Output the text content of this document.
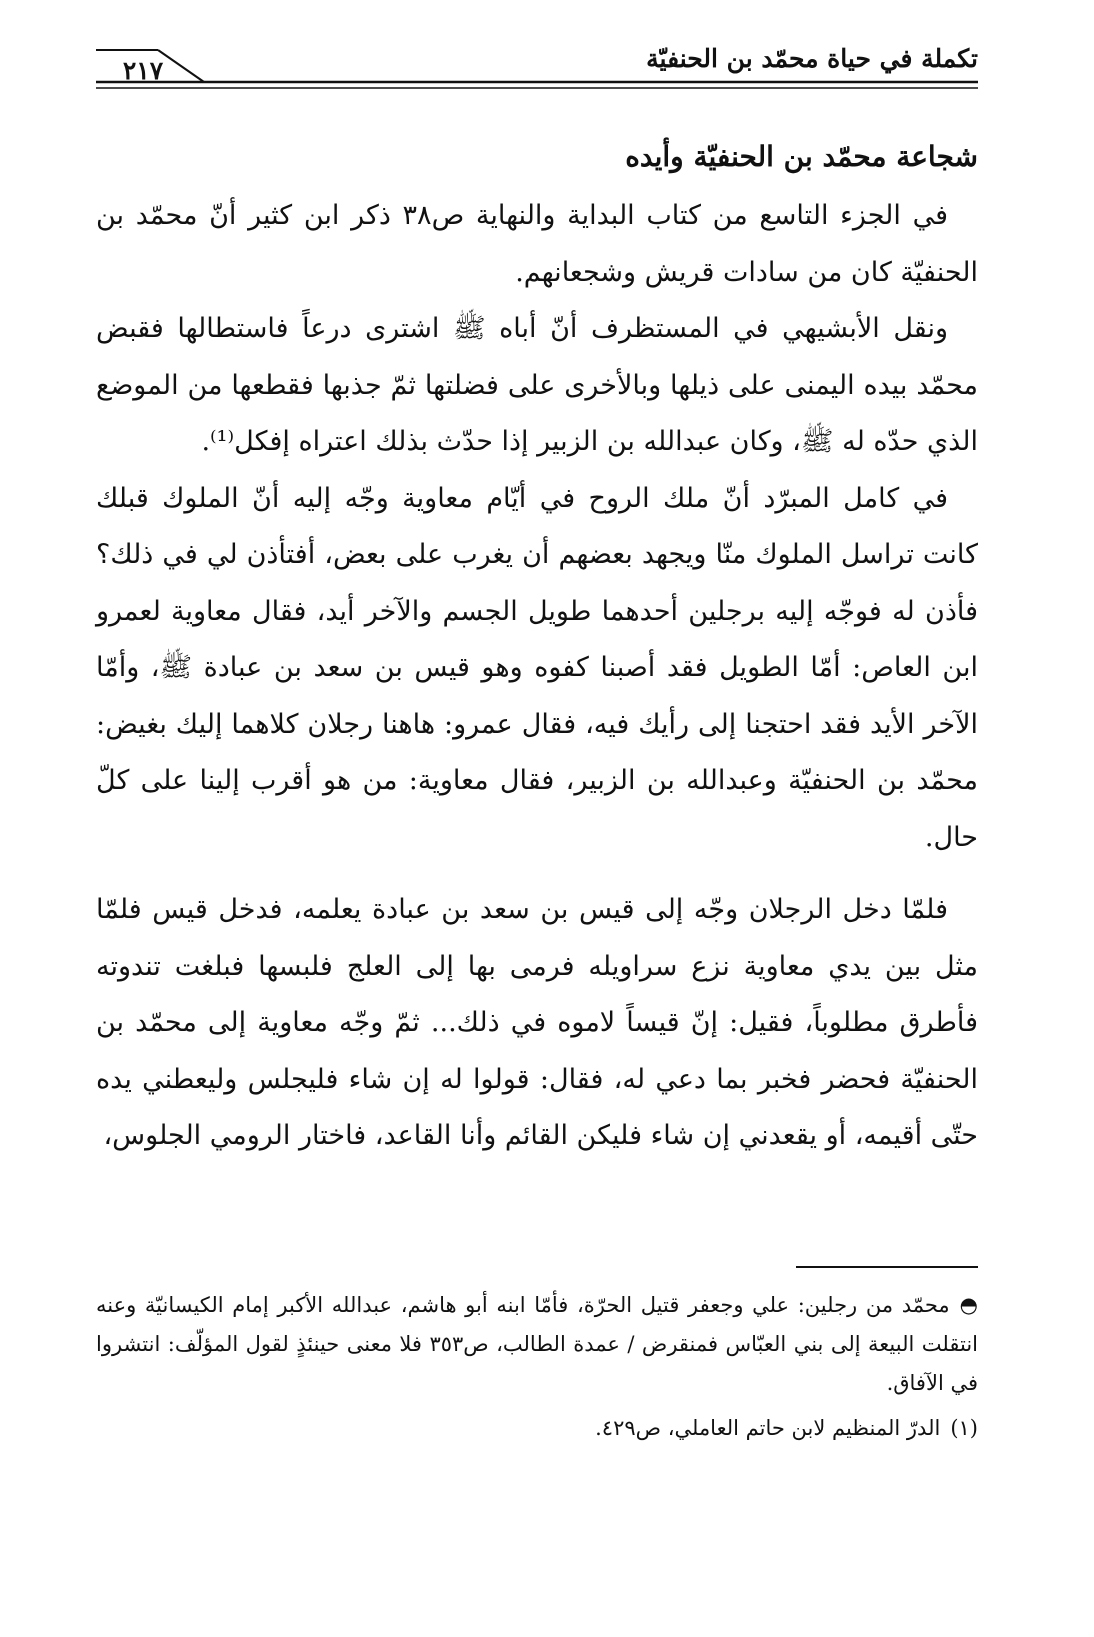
٢١٧	تكملة في حياة محمّد بن الحنفيّة
شجاعة محمّد بن الحنفيّة وأيده

في الجزء التاسع من كتاب البداية والنهاية ص٣٨ ذكر ابن كثير أنّ محمّد بن الحنفيّة كان من سادات قريش وشجعانهم.

ونقل الأبشيهي في المستظرف أنّ أباه ﷺ اشترى درعاً فاستطالها فقبض محمّد بيده اليمنى على ذيلها وبالأخرى على فضلتها ثمّ جذبها فقطعها من الموضع الذي حدّه له ﷺ، وكان عبدالله بن الزبير إذا حدّث بذلك اعتراه إفكل⁽¹⁾.

في كامل المبرّد أنّ ملك الروح في أيّام معاوية وجّه إليه أنّ الملوك قبلك كانت تراسل الملوك منّا ويجهد بعضهم أن يغرب على بعض، أفتأذن لي في ذلك؟ فأذن له فوجّه إليه برجلين أحدهما طويل الجسم والآخر أيد، فقال معاوية لعمرو ابن العاص: أمّا الطويل فقد أصبنا كفوه وهو قيس بن سعد بن عبادة ﷺ، وأمّا الآخر الأيد فقد احتجنا إلى رأيك فيه، فقال عمرو: هاهنا رجلان كلاهما إليك بغيض: محمّد بن الحنفيّة وعبدالله بن الزبير، فقال معاوية: من هو أقرب إلينا على كلّ حال.

فلمّا دخل الرجلان وجّه إلى قيس بن سعد بن عبادة يعلمه، فدخل قيس فلمّا مثل بين يدي معاوية نزع سراويله فرمى بها إلى العلج فلبسها فبلغت تندوته فأطرق مطلوباً، فقيل: إنّ قيساً لاموه في ذلك... ثمّ وجّه معاوية إلى محمّد بن الحنفيّة فحضر فخبر بما دعي له، فقال: قولوا له إن شاء فليجلس وليعطني يده حتّى أقيمه، أو يقعدني إن شاء فليكن القائم وأنا القاعد، فاختار الرومي الجلوس،

◓محمّد من رجلين: علي وجعفر قتيل الحرّة، فأمّا ابنه أبو هاشم، عبدالله الأكبر إمام الكيسانيّة وعنه انتقلت البيعة إلى بني العبّاس فمنقرض / عمدة الطالب، ص٣٥٣ فلا معنى حينئذٍ لقول المؤلّف: انتشروا في الآفاق.

(١)الدرّ المنظيم لابن حاتم العاملي، ص٤٢٩.
